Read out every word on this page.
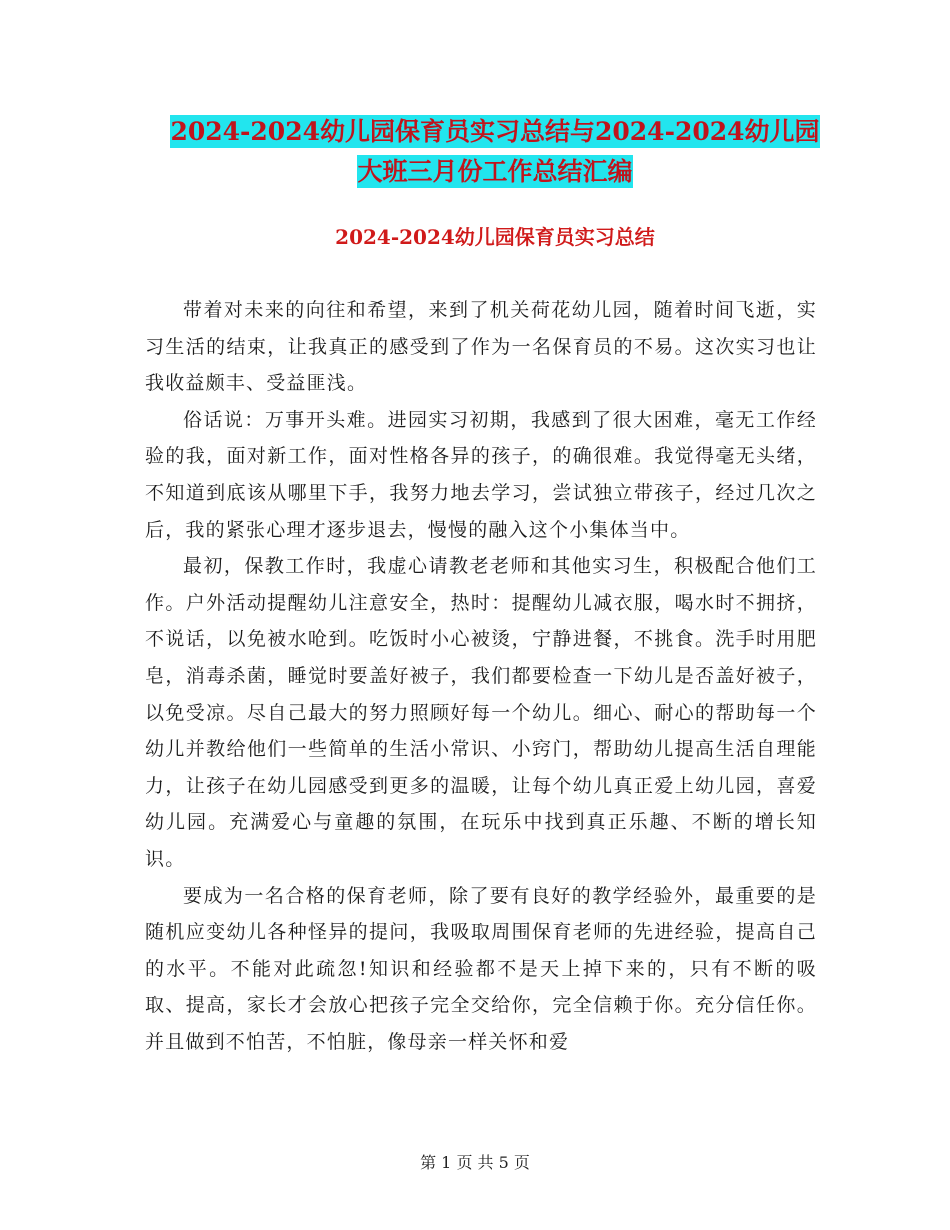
2024-2024幼儿园保育员实习总结与2024-2024幼儿园
大班三月份工作总结汇编
2024-2024幼儿园保育员实习总结

带着对未来的向往和希望，来到了机关荷花幼儿园，随着时间飞逝，实习生活的结束，让我真正的感受到了作为一名保育员的不易。这次实习也让我收益颇丰、受益匪浅。

俗话说：万事开头难。进园实习初期，我感到了很大困难，毫无工作经验的我，面对新工作，面对性格各异的孩子，的确很难。我觉得毫无头绪，不知道到底该从哪里下手，我努力地去学习，尝试独立带孩子，经过几次之后，我的紧张心理才逐步退去，慢慢的融入这个小集体当中。

最初，保教工作时，我虚心请教老老师和其他实习生，积极配合他们工作。户外活动提醒幼儿注意安全，热时：提醒幼儿减衣服，喝水时不拥挤，不说话，以免被水呛到。吃饭时小心被烫，宁静进餐，不挑食。洗手时用肥皂，消毒杀菌，睡觉时要盖好被子，我们都要检查一下幼儿是否盖好被子，以免受凉。尽自己最大的努力照顾好每一个幼儿。细心、耐心的帮助每一个幼儿并教给他们一些简单的生活小常识、小窍门，帮助幼儿提高生活自理能力，让孩子在幼儿园感受到更多的温暖，让每个幼儿真正爱上幼儿园，喜爱幼儿园。充满爱心与童趣的氛围，在玩乐中找到真正乐趣、不断的增长知识。

要成为一名合格的保育老师，除了要有良好的教学经验外，最重要的是随机应变幼儿各种怪异的提问，我吸取周围保育老师的先进经验，提高自己的水平。不能对此疏忽!知识和经验都不是天上掉下来的，只有不断的吸取、提高，家长才会放心把孩子完全交给你，完全信赖于你。充分信任你。并且做到不怕苦，不怕脏，像母亲一样关怀和爱

第 1 页 共 5 页
